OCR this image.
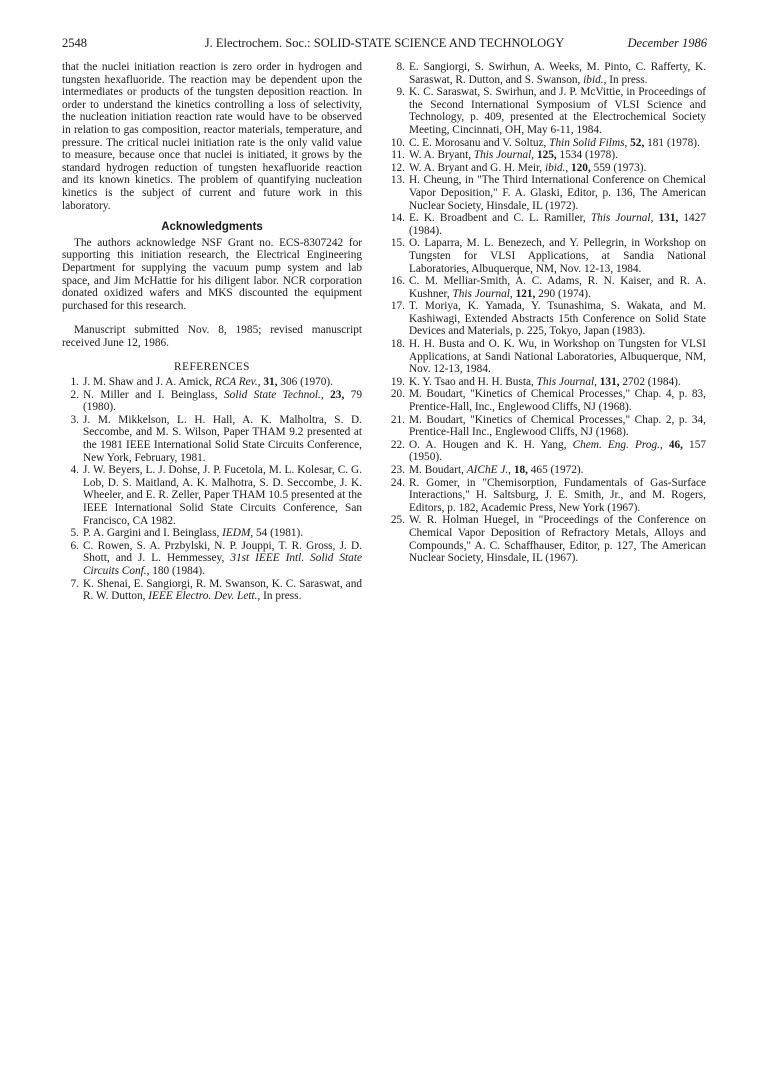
2548	J. Electrochem. Soc.: SOLID-STATE SCIENCE AND TECHNOLOGY	December 1986

that the nuclei initiation reaction is zero order in hydrogen and tungsten hexafluoride. The reaction may be dependent upon the intermediates or products of the tungsten deposition reaction. In order to understand the kinetics controlling a loss of selectivity, the nucleation initiation reaction rate would have to be observed in relation to gas composition, reactor materials, temperature, and pressure. The critical nuclei initiation rate is the only valid value to measure, because once that nuclei is initiated, it grows by the standard hydrogen reduction of tungsten hexafluoride reaction and its known kinetics. The problem of quantifying nucleation kinetics is the subject of current and future work in this laboratory.

Acknowledgments

The authors acknowledge NSF Grant no. ECS-8307242 for supporting this initiation research, the Electrical Engineering Department for supplying the vacuum pump system and lab space, and Jim McHattie for his diligent labor. NCR corporation donated oxidized wafers and MKS discounted the equipment purchased for this research.

Manuscript submitted Nov. 8, 1985; revised manuscript received June 12, 1986.

REFERENCES
1. J. M. Shaw and J. A. Amick, RCA Rev., 31, 306 (1970).
2. N. Miller and I. Beinglass, Solid State Technol., 23, 79 (1980).
3. J. M. Mikkelson, L. H. Hall, A. K. Malholtra, S. D. Seccombe, and M. S. Wilson, Paper THAM 9.2 presented at the 1981 IEEE International Solid State Circuits Conference, New York, February, 1981.
4. J. W. Beyers, L. J. Dohse, J. P. Fucetola, M. L. Kolesar, C. G. Lob, D. S. Maitland, A. K. Malhotra, S. D. Seccombe, J. K. Wheeler, and E. R. Zeller, Paper THAM 10.5 presented at the IEEE International Solid State Circuits Conference, San Francisco, CA 1982.
5. P. A. Gargini and I. Beinglass, IEDM, 54 (1981).
6. C. Rowen, S. A. Przbylski, N. P. Jouppi, T. R. Gross, J. D. Shott, and J. L. Hemmessey, 31st IEEE Intl. Solid State Circuits Conf., 180 (1984).
7. K. Shenai, E. Sangiorgi, R. M. Swanson, K. C. Saraswat, and R. W. Dutton, IEEE Electro. Dev. Lett., In press.
8. E. Sangiorgi, S. Swirhun, A. Weeks, M. Pinto, C. Rafferty, K. Saraswat, R. Dutton, and S. Swanson, ibid., In press.
9. K. C. Saraswat, S. Swirhun, and J. P. McVittie, in Proceedings of the Second International Symposium of VLSI Science and Technology, p. 409, presented at the Electrochemical Society Meeting, Cincinnati, OH, May 6-11, 1984.
10. C. E. Morosanu and V. Soltuz, Thin Solid Films, 52, 181 (1978).
11. W. A. Bryant, This Journal, 125, 1534 (1978).
12. W. A. Bryant and G. H. Meir, ibid., 120, 559 (1973).
13. H. Cheung, in "The Third International Conference on Chemical Vapor Deposition," F. A. Glaski, Editor, p. 136, The American Nuclear Society, Hinsdale, IL (1972).
14. E. K. Broadbent and C. L. Ramiller, This Journal, 131, 1427 (1984).
15. O. Laparra, M. L. Benezech, and Y. Pellegrin, in Workshop on Tungsten for VLSI Applications, at Sandia National Laboratories, Albuquerque, NM, Nov. 12-13, 1984.
16. C. M. Melliar-Smith, A. C. Adams, R. N. Kaiser, and R. A. Kushner, This Journal, 121, 290 (1974).
17. T. Moriya, K. Yamada, Y. Tsunashima, S. Wakata, and M. Kashiwagi, Extended Abstracts 15th Conference on Solid State Devices and Materials, p. 225, Tokyo, Japan (1983).
18. H. H. Busta and O. K. Wu, in Workshop on Tungsten for VLSI Applications, at Sandi National Laboratories, Albuquerque, NM, Nov. 12-13, 1984.
19. K. Y. Tsao and H. H. Busta, This Journal, 131, 2702 (1984).
20. M. Boudart, "Kinetics of Chemical Processes," Chap. 4, p. 83, Prentice-Hall, Inc., Englewood Cliffs, NJ (1968).
21. M. Boudart, "Kinetics of Chemical Processes," Chap. 2, p. 34, Prentice-Hall Inc., Englewood Cliffs, NJ (1968).
22. O. A. Hougen and K. H. Yang, Chem. Eng. Prog., 46, 157 (1950).
23. M. Boudart, AIChE J., 18, 465 (1972).
24. R. Gomer, in "Chemisorption, Fundamentals of Gas-Surface Interactions," H. Saltsburg, J. E. Smith, Jr., and M. Rogers, Editors, p. 182, Academic Press, New York (1967).
25. W. R. Holman Huegel, in "Proceedings of the Conference on Chemical Vapor Deposition of Refractory Metals, Alloys and Compounds," A. C. Schaffhauser, Editor, p. 127, The American Nuclear Society, Hinsdale, IL (1967).
